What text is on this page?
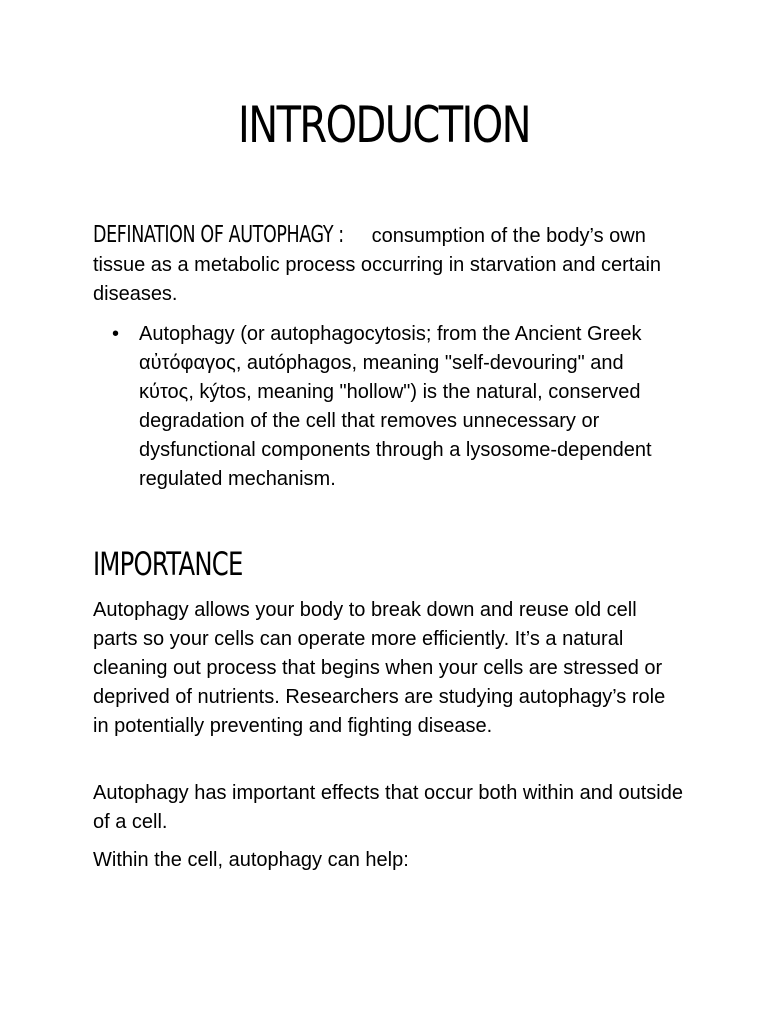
INTRODUCTION

DEFINATION OF AUTOPHAGY : consumption of the body’s own tissue as a metabolic process occurring in starvation and certain diseases.

• Autophagy (or autophagocytosis; from the Ancient Greek αὐτόφαγος, autóphagos, meaning "self-devouring" and κύτος, kýtos, meaning "hollow") is the natural, conserved degradation of the cell that removes unnecessary or dysfunctional components through a lysosome-dependent regulated mechanism.
IMPORTANCE

Autophagy allows your body to break down and reuse old cell parts so your cells can operate more efficiently. It’s a natural cleaning out process that begins when your cells are stressed or deprived of nutrients. Researchers are studying autophagy’s role in potentially preventing and fighting disease.

Autophagy has important effects that occur both within and outside of a cell.

Within the cell, autophagy can help:
